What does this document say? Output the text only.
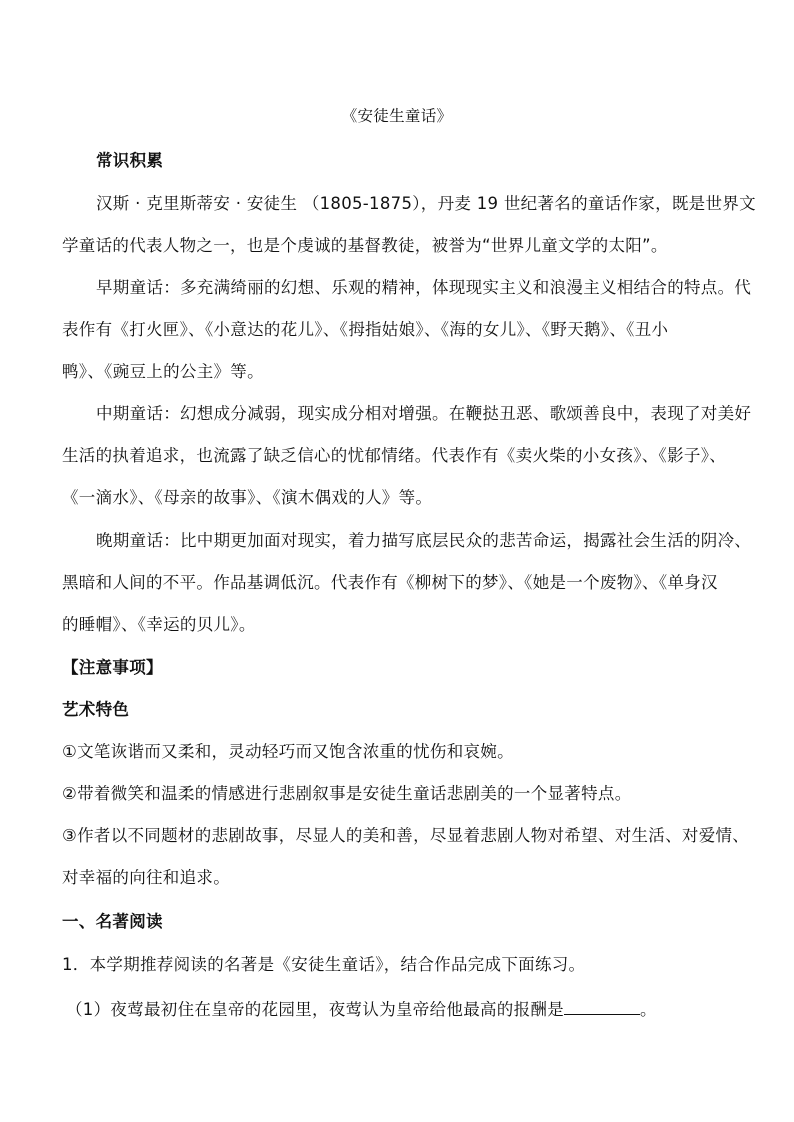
《安徒生童话》
常识积累
汉斯 · 克里斯蒂安 · 安徒生 （1805-1875），丹麦 19 世纪著名的童话作家，既是世界文
学童话的代表人物之一，也是个虔诚的基督教徒，被誉为“世界儿童文学的太阳”。
早期童话：多充满绮丽的幻想、乐观的精神，体现现实主义和浪漫主义相结合的特点。代
表作有《打火匣》、《小意达的花儿》、《拇指姑娘》、《海的女儿》、《野天鹅》、《丑小
鸭》、《豌豆上的公主》等。
中期童话：幻想成分减弱，现实成分相对增强。在鞭挞丑恶、歌颂善良中，表现了对美好
生活的执着追求，也流露了缺乏信心的忧郁情绪。代表作有《卖火柴的小女孩》、《影子》、
《一滴水》、《母亲的故事》、《演木偶戏的人》等。
晚期童话：比中期更加面对现实，着力描写底层民众的悲苦命运，揭露社会生活的阴冷、
黑暗和人间的不平。作品基调低沉。代表作有《柳树下的梦》、《她是一个废物》、《单身汉
的睡帽》、《幸运的贝儿》。
【注意事项】
艺术特色
①文笔诙谐而又柔和，灵动轻巧而又饱含浓重的忧伤和哀婉。
②带着微笑和温柔的情感进行悲剧叙事是安徒生童话悲剧美的一个显著特点。
③作者以不同题材的悲剧故事，尽显人的美和善，尽显着悲剧人物对希望、对生活、对爱情、
对幸福的向往和追求。
一、名著阅读
1．本学期推荐阅读的名著是《安徒生童话》，结合作品完成下面练习。
（1）夜莺最初住在皇帝的花园里，夜莺认为皇帝给他最高的报酬是	。
